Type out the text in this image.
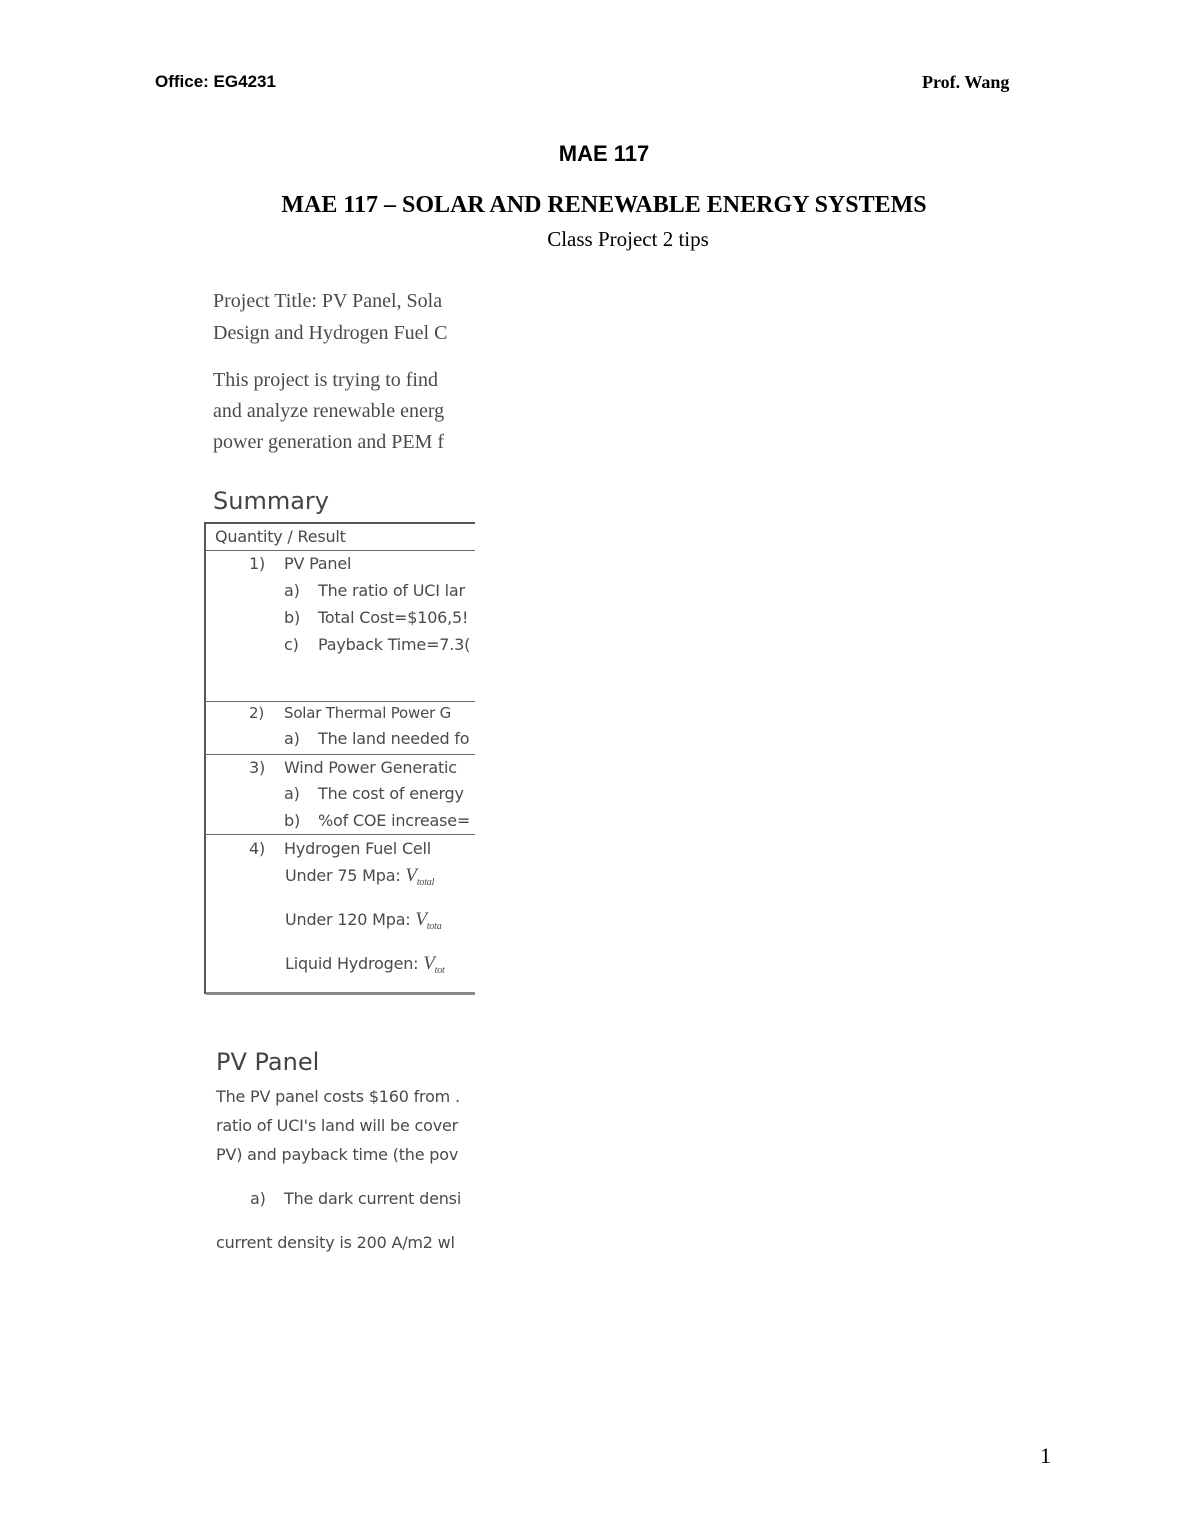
Office: EG4231	Prof. Wang
MAE 117
MAE 117 – SOLAR AND RENEWABLE ENERGY SYSTEMS
Class Project 2 tips
Project Title: PV Panel, Sola
Design and Hydrogen Fuel C
This project is trying to find
and analyze renewable energ
power generation and PEM f
Summary
Quantity / Result
1) PV Panel
a) The ratio of UCI lar
b) Total Cost=$106,5!
c) Payback Time=7.3(
2) Solar Thermal Power G
a) The land needed fo
3) Wind Power Generatic
a) The cost of energy
b) %of COE increase=
4) Hydrogen Fuel Cell
Under 75 Mpa: $V_{total}$
Under 120 Mpa: $V_{tota}$
Liquid Hydrogen: $V_{tot}$
PV Panel
The PV panel costs $160 from .
ratio of UCI's land will be cover
PV) and payback time (the pov
a) The dark current densi
current density is 200 A/m2 wl
1
